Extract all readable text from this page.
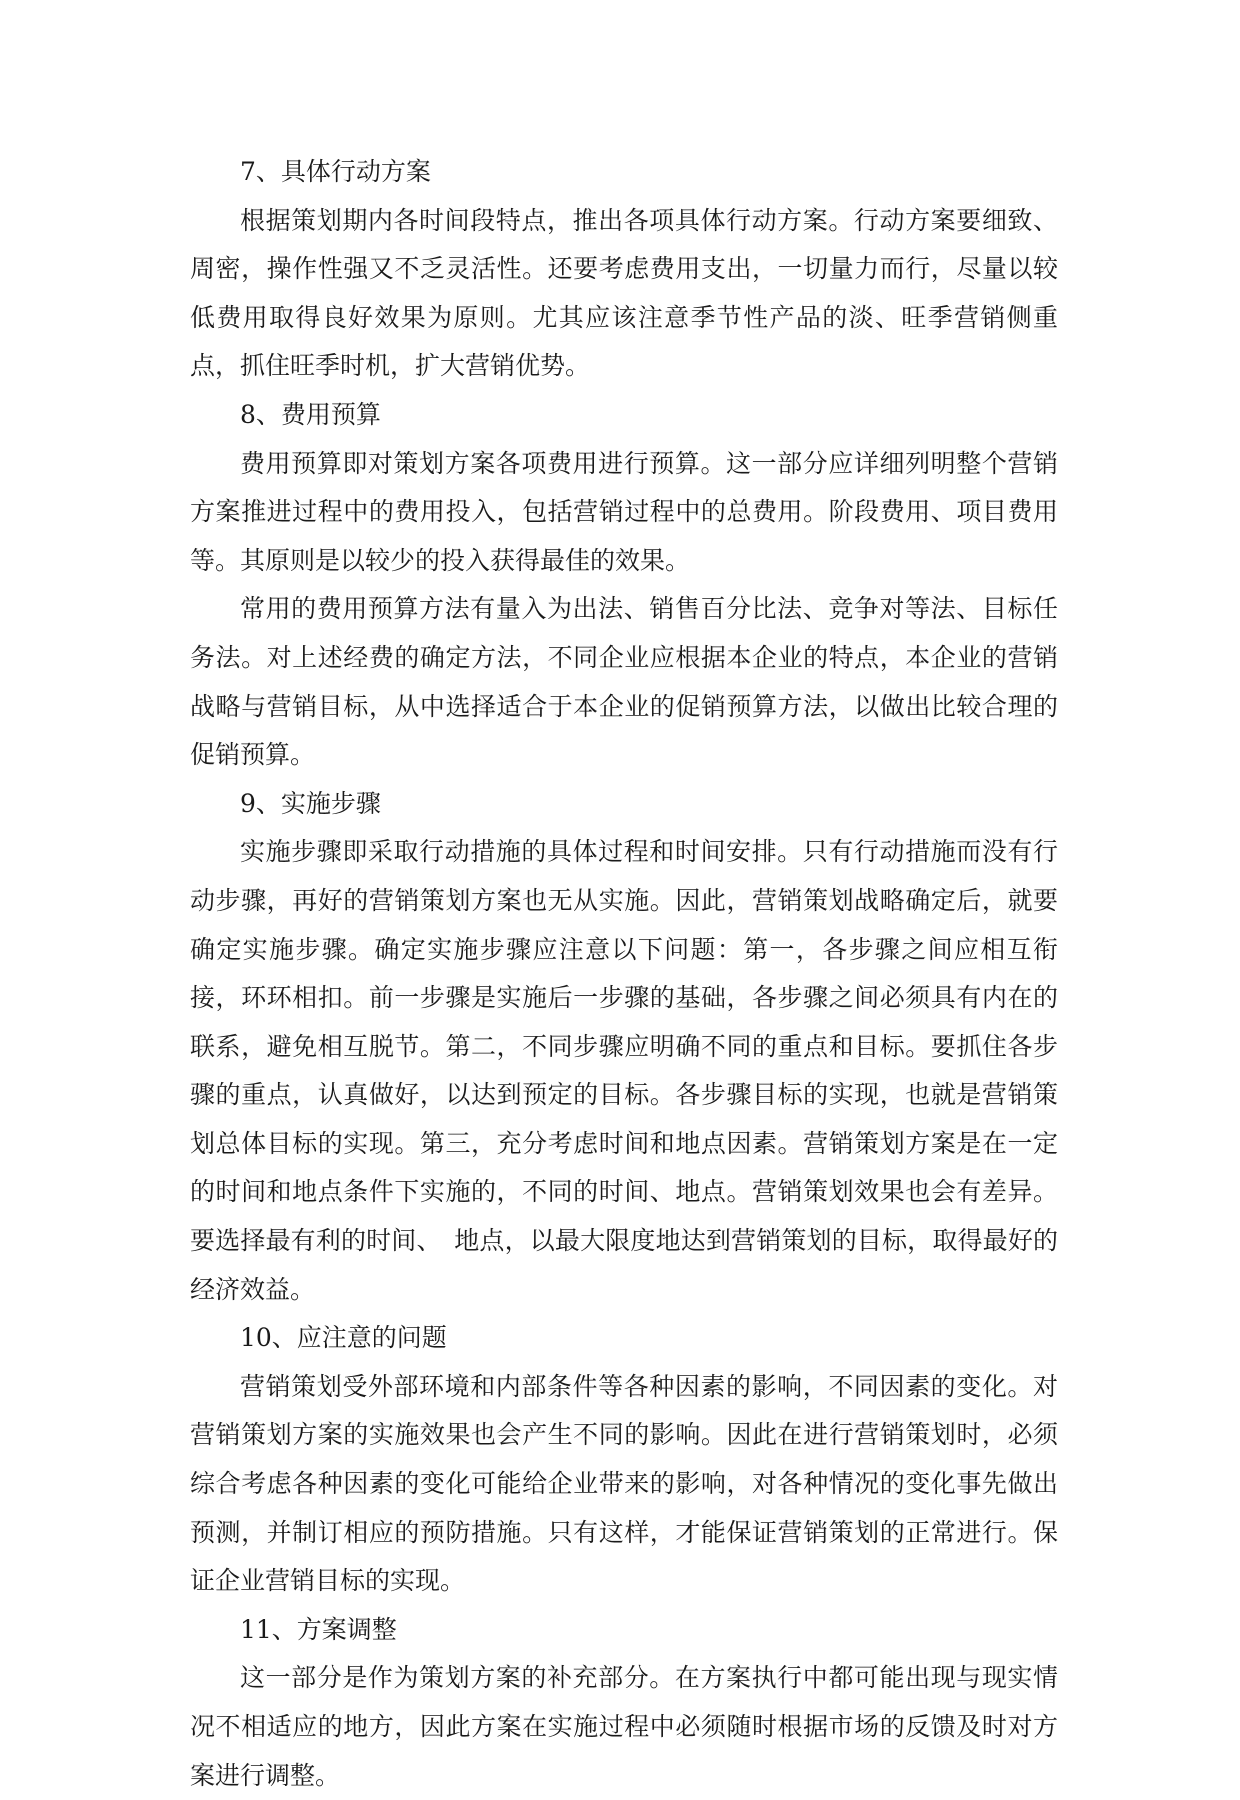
7、具体行动方案

根据策划期内各时间段特点，推出各项具体行动方案。行动方案要细致、周密，操作性强又不乏灵活性。还要考虑费用支出，一切量力而行，尽量以较低费用取得良好效果为原则。尤其应该注意季节性产品的淡、旺季营销侧重点，抓住旺季时机，扩大营销优势。

8、费用预算

费用预算即对策划方案各项费用进行预算。这一部分应详细列明整个营销方案推进过程中的费用投入，包括营销过程中的总费用。阶段费用、项目费用等。其原则是以较少的投入获得最佳的效果。

常用的费用预算方法有量入为出法、销售百分比法、竞争对等法、目标任务法。对上述经费的确定方法，不同企业应根据本企业的特点，本企业的营销战略与营销目标，从中选择适合于本企业的促销预算方法，以做出比较合理的促销预算。

9、实施步骤

实施步骤即采取行动措施的具体过程和时间安排。只有行动措施而没有行动步骤，再好的营销策划方案也无从实施。因此，营销策划战略确定后，就要确定实施步骤。确定实施步骤应注意以下问题：第一，各步骤之间应相互衔接，环环相扣。前一步骤是实施后一步骤的基础，各步骤之间必须具有内在的联系，避免相互脱节。第二，不同步骤应明确不同的重点和目标。要抓住各步骤的重点，认真做好，以达到预定的目标。各步骤目标的实现，也就是营销策划总体目标的实现。第三，充分考虑时间和地点因素。营销策划方案是在一定的时间和地点条件下实施的，不同的时间、地点。营销策划效果也会有差异。要选择最有利的时间、　地点，以最大限度地达到营销策划的目标，取得最好的经济效益。

10、应注意的问题

营销策划受外部环境和内部条件等各种因素的影响，不同因素的变化。对营销策划方案的实施效果也会产生不同的影响。因此在进行营销策划时，必须综合考虑各种因素的变化可能给企业带来的影响，对各种情况的变化事先做出预测，并制订相应的预防措施。只有这样，才能保证营销策划的正常进行。保证企业营销目标的实现。

11、方案调整

这一部分是作为策划方案的补充部分。在方案执行中都可能出现与现实情况不相适应的地方，因此方案在实施过程中必须随时根据市场的反馈及时对方案进行调整。
